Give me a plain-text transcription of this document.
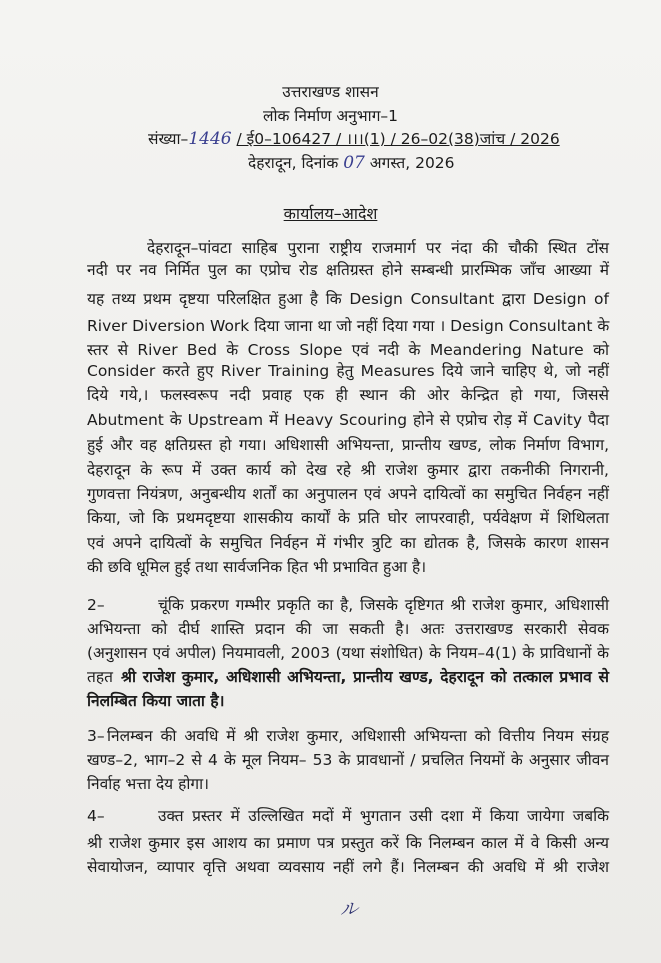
उत्तराखण्ड शासन
लोक निर्माण अनुभाग–1
संख्या–1446 / ई0–106427 / ।।।(1) / 26–02(38)जांच / 2026
देहरादून, दिनांक 07 अगस्त, 2026
कार्यालय–आदेश
देहरादून–पांवटा साहिब पुराना राष्ट्रीय राजमार्ग पर नंदा की चौकी स्थित टोंस
नदी पर नव निर्मित पुल का एप्रोच रोड क्षतिग्रस्त होने सम्बन्धी प्रारम्भिक जाँच आख्या में
यह तथ्य प्रथम दृष्टया परिलक्षित हुआ है कि Design Consultant द्वारा Design of
River Diversion Work दिया जाना था जो नहीं दिया गया । Design Consultant के
स्तर से River Bed के Cross Slope एवं नदी के Meandering Nature को
Consider करते हुए River Training हेतु Measures दिये जाने चाहिए थे, जो नहीं
दिये गये,। फलस्वरूप नदी प्रवाह एक ही स्थान की ओर केन्द्रित हो गया, जिससे
Abutment के Upstream में Heavy Scouring होने से एप्रोच रोड़ में Cavity पैदा
हुई और वह क्षतिग्रस्त हो गया। अधिशासी अभियन्ता, प्रान्तीय खण्ड, लोक निर्माण विभाग,
देहरादून के रूप में उक्त कार्य को देख रहे श्री राजेश कुमार द्वारा तकनीकी निगरानी,
गुणवत्ता नियंत्रण, अनुबन्धीय शर्तों का अनुपालन एवं अपने दायित्वों का समुचित निर्वहन नहीं
किया, जो कि प्रथमदृष्टया शासकीय कार्यों के प्रति घोर लापरवाही, पर्यवेक्षण में शिथिलता
एवं अपने दायित्वों के समुचित निर्वहन में गंभीर त्रुटि का द्योतक है, जिसके कारण शासन
की छवि धूमिल हुई तथा सार्वजनिक हित भी प्रभावित हुआ है।
2–	चूंकि प्रकरण गम्भीर प्रकृति का है, जिसके दृष्टिगत श्री राजेश कुमार, अधिशासी
अभियन्ता को दीर्घ शास्ति प्रदान की जा सकती है। अतः उत्तराखण्ड सरकारी सेवक
(अनुशासन एवं अपील) नियमावली, 2003 (यथा संशोधित) के नियम–4(1) के प्राविधानों के
तहत श्री राजेश कुमार, अधिशासी अभियन्ता, प्रान्तीय खण्ड, देहरादून को तत्काल प्रभाव से
निलम्बित किया जाता है।
3– निलम्बन की अवधि में श्री राजेश कुमार, अधिशासी अभियन्ता को वित्तीय नियम संग्रह
खण्ड–2, भाग–2 से 4 के मूल नियम– 53 के प्रावधानों / प्रचलित नियमों के अनुसार जीवन
निर्वाह भत्ता देय होगा।
4–	उक्त प्रस्तर में उल्लिखित मदों में भुगतान उसी दशा में किया जायेगा जबकि
श्री राजेश कुमार इस आशय का प्रमाण पत्र प्रस्तुत करें कि निलम्बन काल में वे किसी अन्य
सेवायोजन, व्यापार वृत्ति अथवा व्यवसाय नहीं लगे हैं। निलम्बन की अवधि में श्री राजेश
ル
